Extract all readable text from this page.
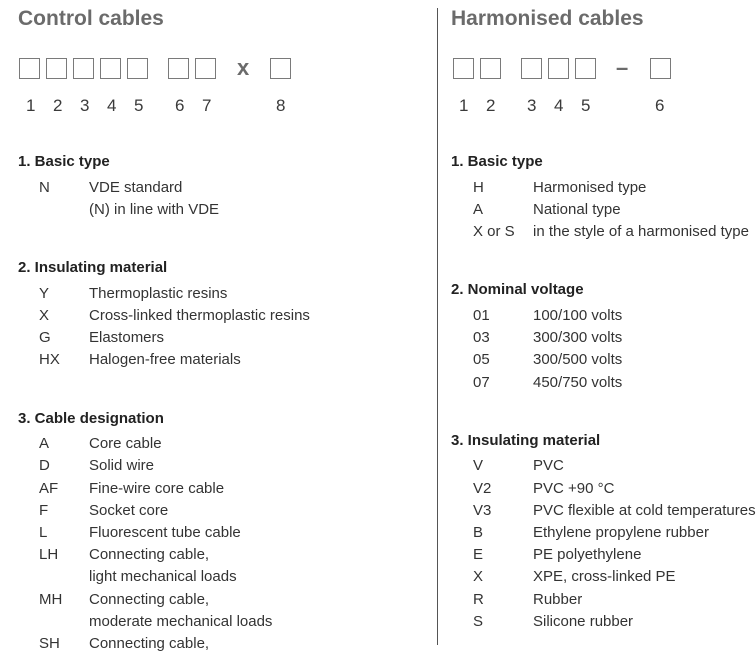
Control cables
x
1 2 3 4 5 6 7	8
1. Basic type
N	VDE standard
(N) in line with VDE
2. Insulating material
Y	Thermoplastic resins
X	Cross-linked thermoplastic resins
G	Elastomers
HX Halogen-free materials
3. Cable designation
A	Core cable
D	Solid wire
AF Fine-wire core cable
F	Socket core
L	Fluorescent tube cable
LH Connecting cable,
light mechanical loads
MH Connecting cable,
moderate mechanical loads
SH Connecting cable,
Harmonised cables
–
1 2 3 4 5	6
1. Basic type
H	Harmonised type
A	National type
X or S in the style of a harmonised type
2. Nominal voltage
01	100/100 volts
03	300/300 volts
05	300/500 volts
07	450/750 volts
3. Insulating material
V	PVC
V2	PVC +90 °C
V3	PVC flexible at cold temperatures
B	Ethylene propylene rubber
E	PE polyethylene
X	XPE, cross-linked PE
R	Rubber
S	Silicone rubber
